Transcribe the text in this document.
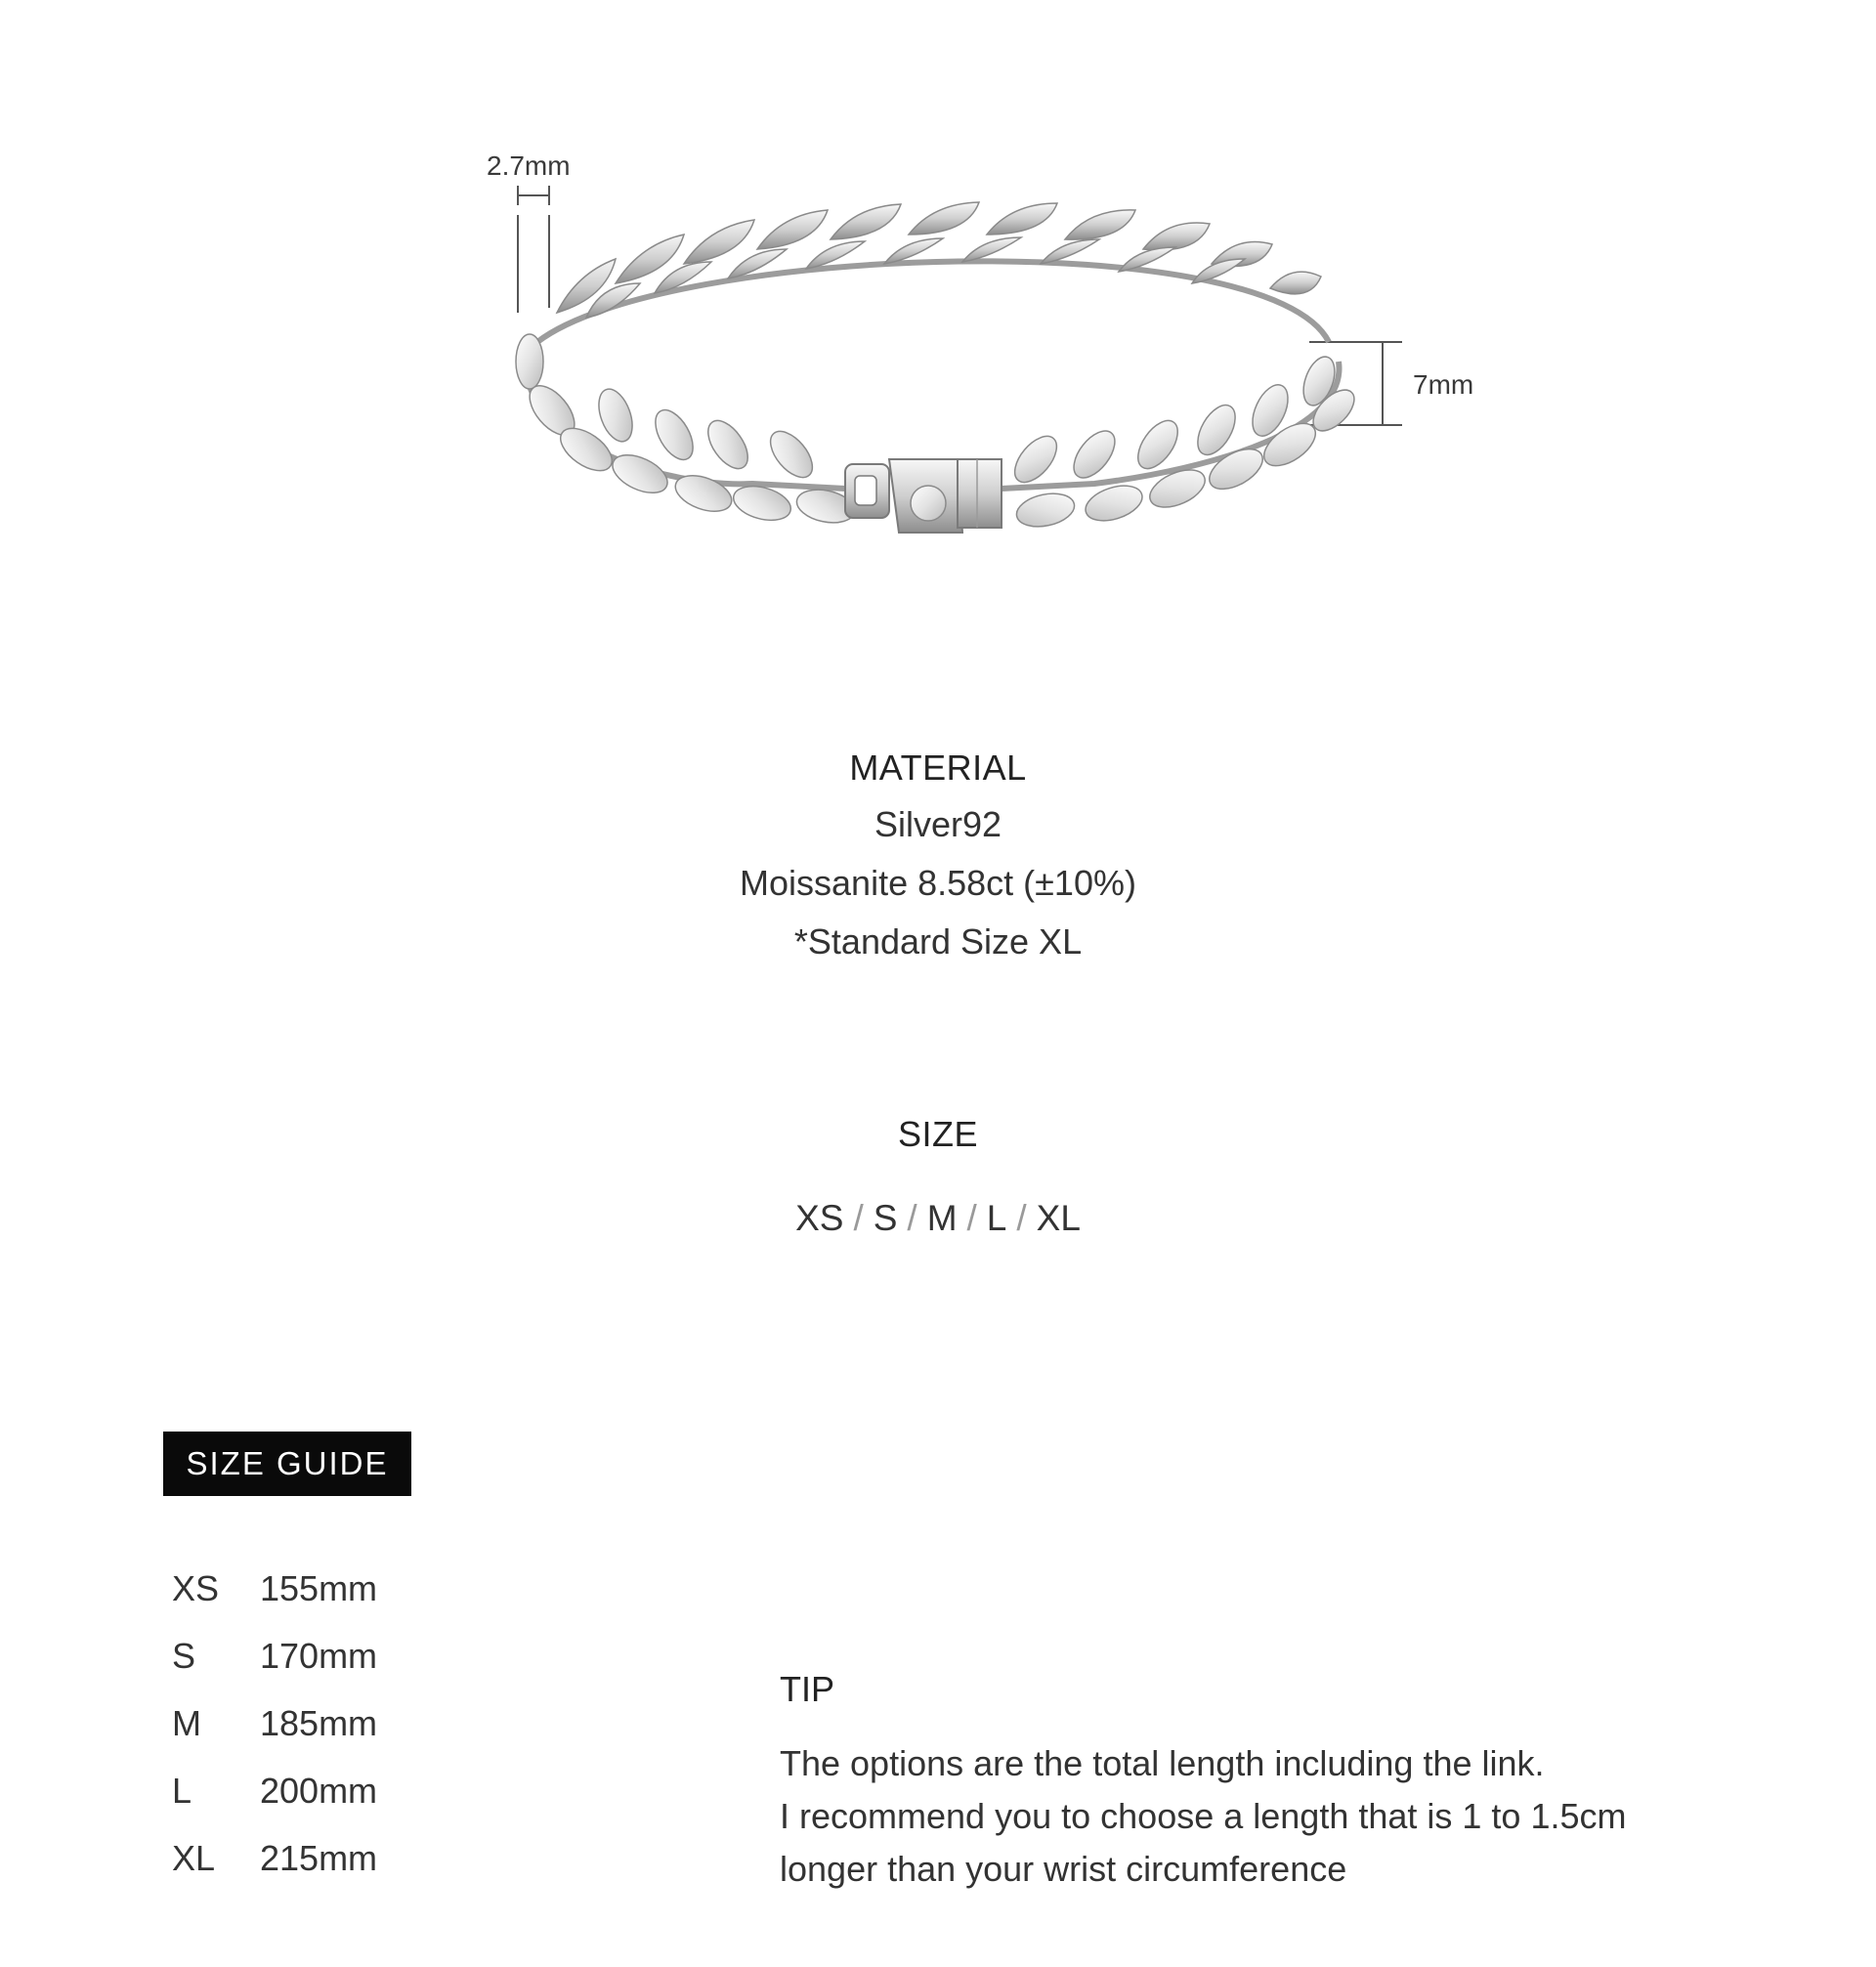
2.7mm
7mm
MATERIAL
Silver92
Moissanite 8.58ct (±10%)
*Standard Size XL
SIZE
XS / S / M / L / XL
SIZE GUIDE
XS 155mm
S 170mm
M 185mm
L 200mm
XL 215mm
TIP
The options are the total length including the link.
I recommend you to choose a length that is 1 to 1.5cm
longer than your wrist circumference
